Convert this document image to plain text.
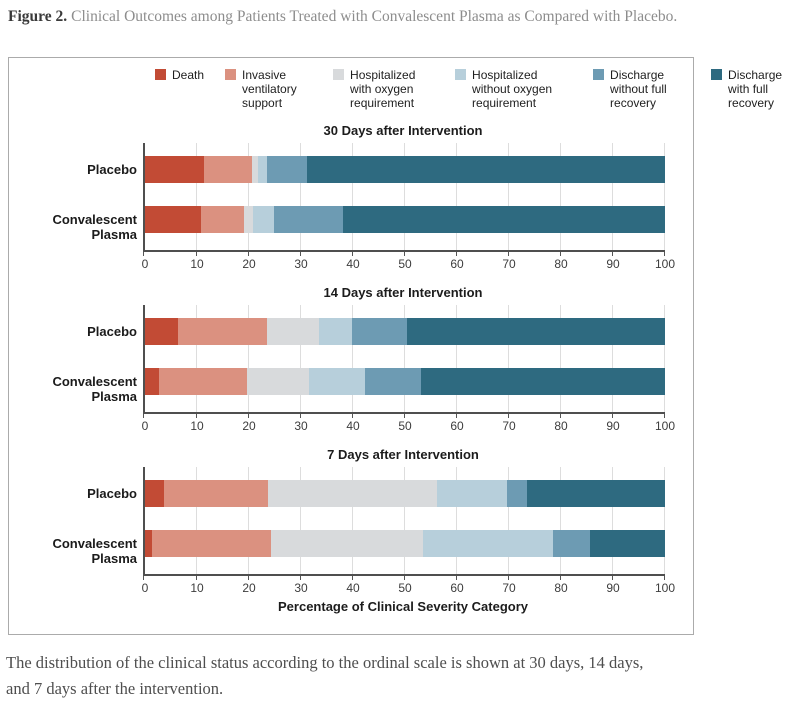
Figure 2. Clinical Outcomes among Patients Treated with Convalescent Plasma as Compared with Placebo.

Death	Invasive ventilatory support
Hospitalized with oxygen requirement
Hospitalized without oxygen requirement
Discharge without full recovery
Discharge with full recovery
30 Days after Intervention
0	10	20	30	40	50	60	70	80	90	100
Placebo
Convalescent Plasma
14 Days after Intervention
0	10	20	30	40	50	60	70	80	90	100
Placebo
Convalescent Plasma
7 Days after Intervention
0	10	20	30	40	50	60	70	80	90	100
Placebo
Convalescent Plasma
Percentage of Clinical Severity Category

The distribution of the clinical status according to the ordinal scale is shown at 30 days, 14 days, and 7 days after the intervention.
